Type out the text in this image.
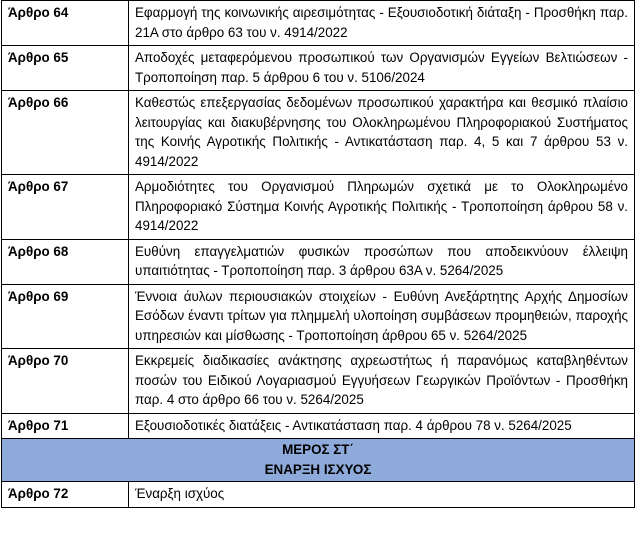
Άρθρο 64	Εφαρμογή της κοινωνικής αιρεσιμότητας - Εξουσιοδοτική διάταξη - Προσθήκη παρ. 21Α στο άρθρο 63 του ν. 4914/2022
Άρθρο 65	Αποδοχές μεταφερόμενου προσωπικού των Οργανισμών Εγγείων Βελτιώσεων - Τροποποίηση παρ. 5 άρθρου 6 του ν. 5106/2024
Άρθρο 66	Καθεστώς επεξεργασίας δεδομένων προσωπικού χαρακτήρα και θεσμικό πλαίσιο λειτουργίας και διακυβέρνησης του Ολοκληρωμένου Πληροφοριακού Συστήματος της Κοινής Αγροτικής Πολιτικής - Αντικατάσταση παρ. 4, 5 και 7 άρθρου 53 ν. 4914/2022
Άρθρο 67	Αρμοδιότητες του Οργανισμού Πληρωμών σχετικά με το Ολοκληρωμένο Πληροφοριακό Σύστημα Κοινής Αγροτικής Πολιτικής - Τροποποίηση άρθρου 58 ν. 4914/2022
Άρθρο 68	Ευθύνη επαγγελματιών φυσικών προσώπων που αποδεικνύουν έλλειψη υπαιτιότητας - Τροποποίηση παρ. 3 άρθρου 63Α ν. 5264/2025
Άρθρο 69	Έννοια άυλων περιουσιακών στοιχείων - Ευθύνη Ανεξάρτητης Αρχής Δημοσίων Εσόδων έναντι τρίτων για πλημμελή υλοποίηση συμβάσεων προμηθειών, παροχής υπηρεσιών και μίσθωσης - Τροποποίηση άρθρου 65 ν. 5264/2025
Άρθρο 70	Εκκρεμείς διαδικασίες ανάκτησης αχρεωστήτως ή παρανόμως καταβληθέντων ποσών του Ειδικού Λογαριασμού Εγγυήσεων Γεωργικών Προϊόντων - Προσθήκη παρ. 4 στο άρθρο 66 του ν. 5264/2025
Άρθρο 71	Εξουσιοδοτικές διατάξεις - Αντικατάσταση παρ. 4 άρθρου 78 ν. 5264/2025

ΜΕΡΟΣ ΣΤ΄
ΕΝΑΡΞΗ ΙΣΧΥΟΣ	

Άρθρο 72	Έναρξη ισχύος
